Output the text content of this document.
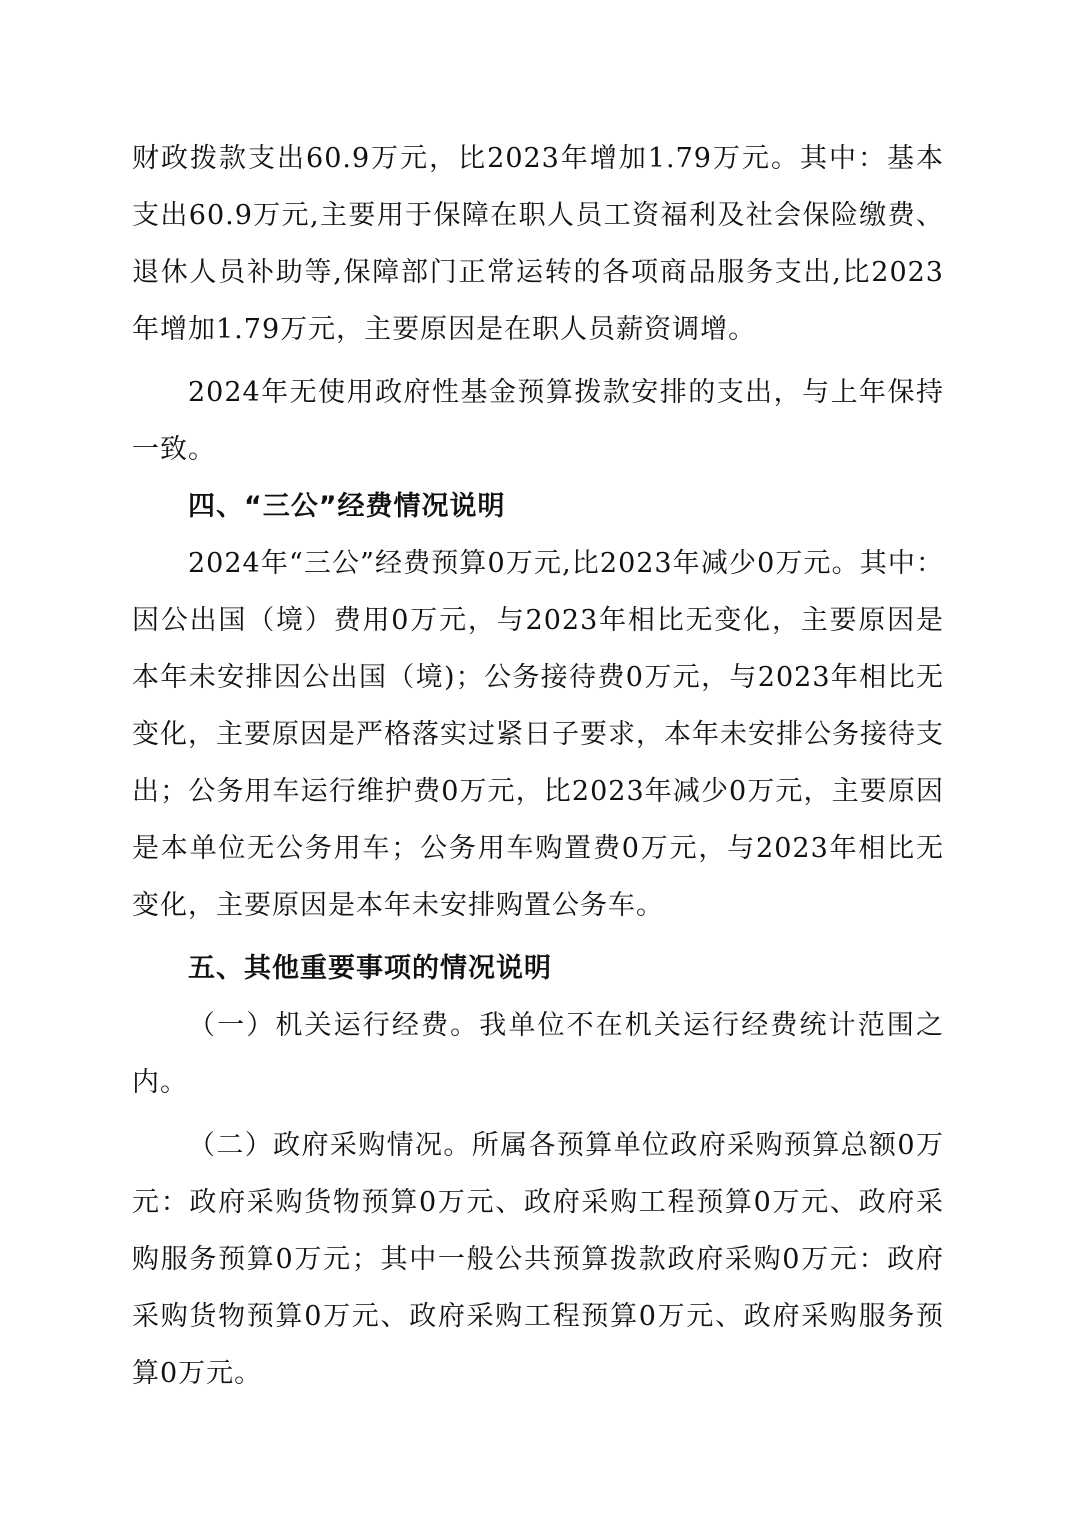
财政拨款支出60.9万元，比2023年增加1.79万元。其中：基本支出60.9万元,主要用于保障在职人员工资福利及社会保险缴费、退休人员补助等,保障部门正常运转的各项商品服务支出,比2023年增加1.79万元，主要原因是在职人员薪资调增。

2024年无使用政府性基金预算拨款安排的支出，与上年保持一致。

四、“三公”经费情况说明

2024年“三公”经费预算0万元,比2023年减少0万元。其中：因公出国（境）费用0万元，与2023年相比无变化，主要原因是本年未安排因公出国（境)；公务接待费0万元，与2023年相比无变化，主要原因是严格落实过紧日子要求，本年未安排公务接待支出；公务用车运行维护费0万元，比2023年减少0万元，主要原因是本单位无公务用车；公务用车购置费0万元，与2023年相比无变化，主要原因是本年未安排购置公务车。

五、其他重要事项的情况说明

（一）机关运行经费。我单位不在机关运行经费统计范围之内。

（二）政府采购情况。所属各预算单位政府采购预算总额0万元：政府采购货物预算0万元、政府采购工程预算0万元、政府采购服务预算0万元；其中一般公共预算拨款政府采购0万元：政府采购货物预算0万元、政府采购工程预算0万元、政府采购服务预算0万元。
